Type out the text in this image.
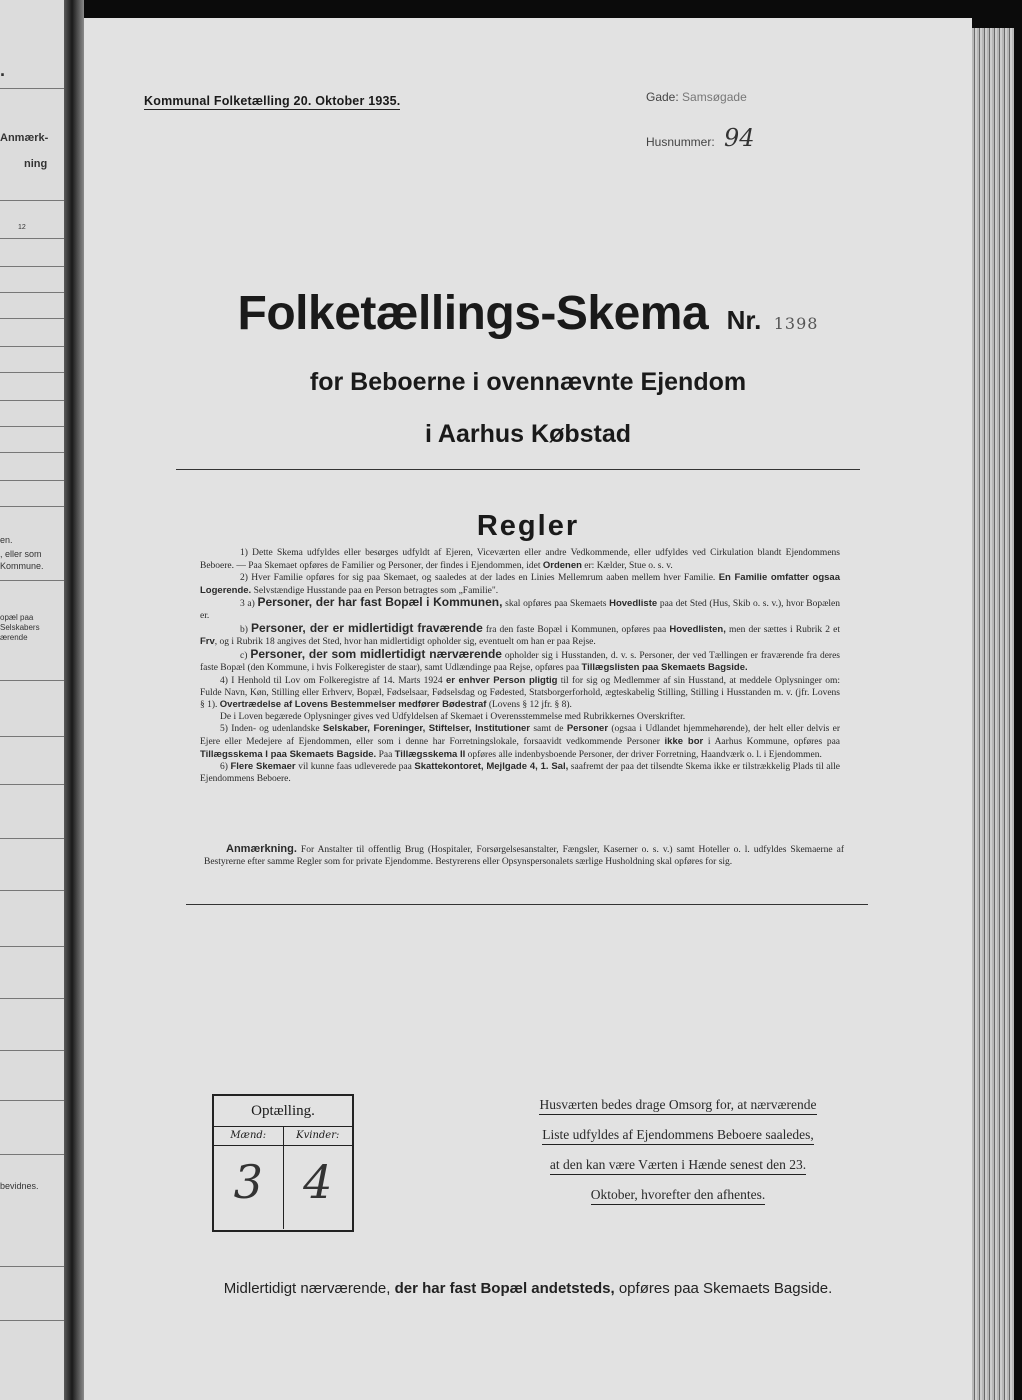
.
Anmærk-
ning
12
en.
, eller som
Kommune.
opæl paa
Selskabers
ærende
bevidnes.
Kommunal Folketælling 20. Oktober 1935.	Gade: Samsøgade
Husnummer: 94
Folketællings-Skema Nr. 1398
for Beboerne i ovennævnte Ejendom
i Aarhus Købstad
Regler

1) Dette Skema udfyldes eller besørges udfyldt af Ejeren, Viceværten eller andre Vedkommende, eller udfyldes ved Cirkulation blandt Ejendommens Beboere. — Paa Skemaet opføres de Familier og Personer, der findes i Ejendommen, idet Ordenen er: Kælder, Stue o. s. v.

2) Hver Familie opføres for sig paa Skemaet, og saaledes at der lades en Linies Mellemrum aaben mellem hver Familie. En Familie omfatter ogsaa Logerende. Selvstændige Husstande paa en Person betragtes som „Familie".

3 a) Personer, der har fast Bopæl i Kommunen, skal opføres paa Skemaets Hovedliste paa det Sted (Hus, Skib o. s. v.), hvor Bopælen er.

b) Personer, der er midlertidigt fraværende fra den faste Bopæl i Kommunen, opføres paa Hovedlisten, men der sættes i Rubrik 2 et Frv, og i Rubrik 18 angives det Sted, hvor han midlertidigt opholder sig, eventuelt om han er paa Rejse.

c) Personer, der som midlertidigt nærværende opholder sig i Husstanden, d. v. s. Personer, der ved Tællingen er fraværende fra deres faste Bopæl (den Kommune, i hvis Folkeregister de staar), samt Udlændinge paa Rejse, opføres paa Tillægslisten paa Skemaets Bagside.

4) I Henhold til Lov om Folkeregistre af 14. Marts 1924 er enhver Person pligtig til for sig og Medlemmer af sin Husstand, at meddele Oplysninger om: Fulde Navn, Køn, Stilling eller Erhverv, Bopæl, Fødselsaar, Fødselsdag og Fødested, Statsborgerforhold, ægteskabelig Stilling, Stilling i Husstanden m. v. (jfr. Lovens § 1). Overtrædelse af Lovens Bestemmelser medfører Bødestraf (Lovens § 12 jfr. § 8).

De i Loven begærede Oplysninger gives ved Udfyldelsen af Skemaet i Overensstemmelse med Rubrikkernes Overskrifter.

5) Inden- og udenlandske Selskaber, Foreninger, Stiftelser, Institutioner samt de Personer (ogsaa i Udlandet hjemmehørende), der helt eller delvis er Ejere eller Medejere af Ejendommen, eller som i denne har Forretningslokale, forsaavidt vedkommende Personer ikke bor i Aarhus Kommune, opføres paa Tillægsskema I paa Skemaets Bagside. Paa Tillægsskema II opføres alle indenbysboende Personer, der driver Forretning, Haandværk o. l. i Ejendommen.

6) Flere Skemaer vil kunne faas udleverede paa Skattekontoret, Mejlgade 4, 1. Sal, saafremt der paa det tilsendte Skema ikke er tilstrækkelig Plads til alle Ejendommens Beboere.

Anmærkning. For Anstalter til offentlig Brug (Hospitaler, Forsørgelsesanstalter, Fængsler, Kaserner o. s. v.) samt Hoteller o. l. udfyldes Skemaerne af Bestyrerne efter samme Regler som for private Ejendomme. Bestyrerens eller Opsynspersonalets særlige Husholdning skal opføres for sig.
Optælling.
Mænd:
3
Kvinder:
4
Husværten bedes drage Omsorg for, at nærværende
Liste udfyldes af Ejendommens Beboere saaledes,
at den kan være Værten i Hænde senest den 23.
Oktober, hvorefter den afhentes.
Midlertidigt nærværende, der har fast Bopæl andetsteds, opføres paa Skemaets Bagside.
